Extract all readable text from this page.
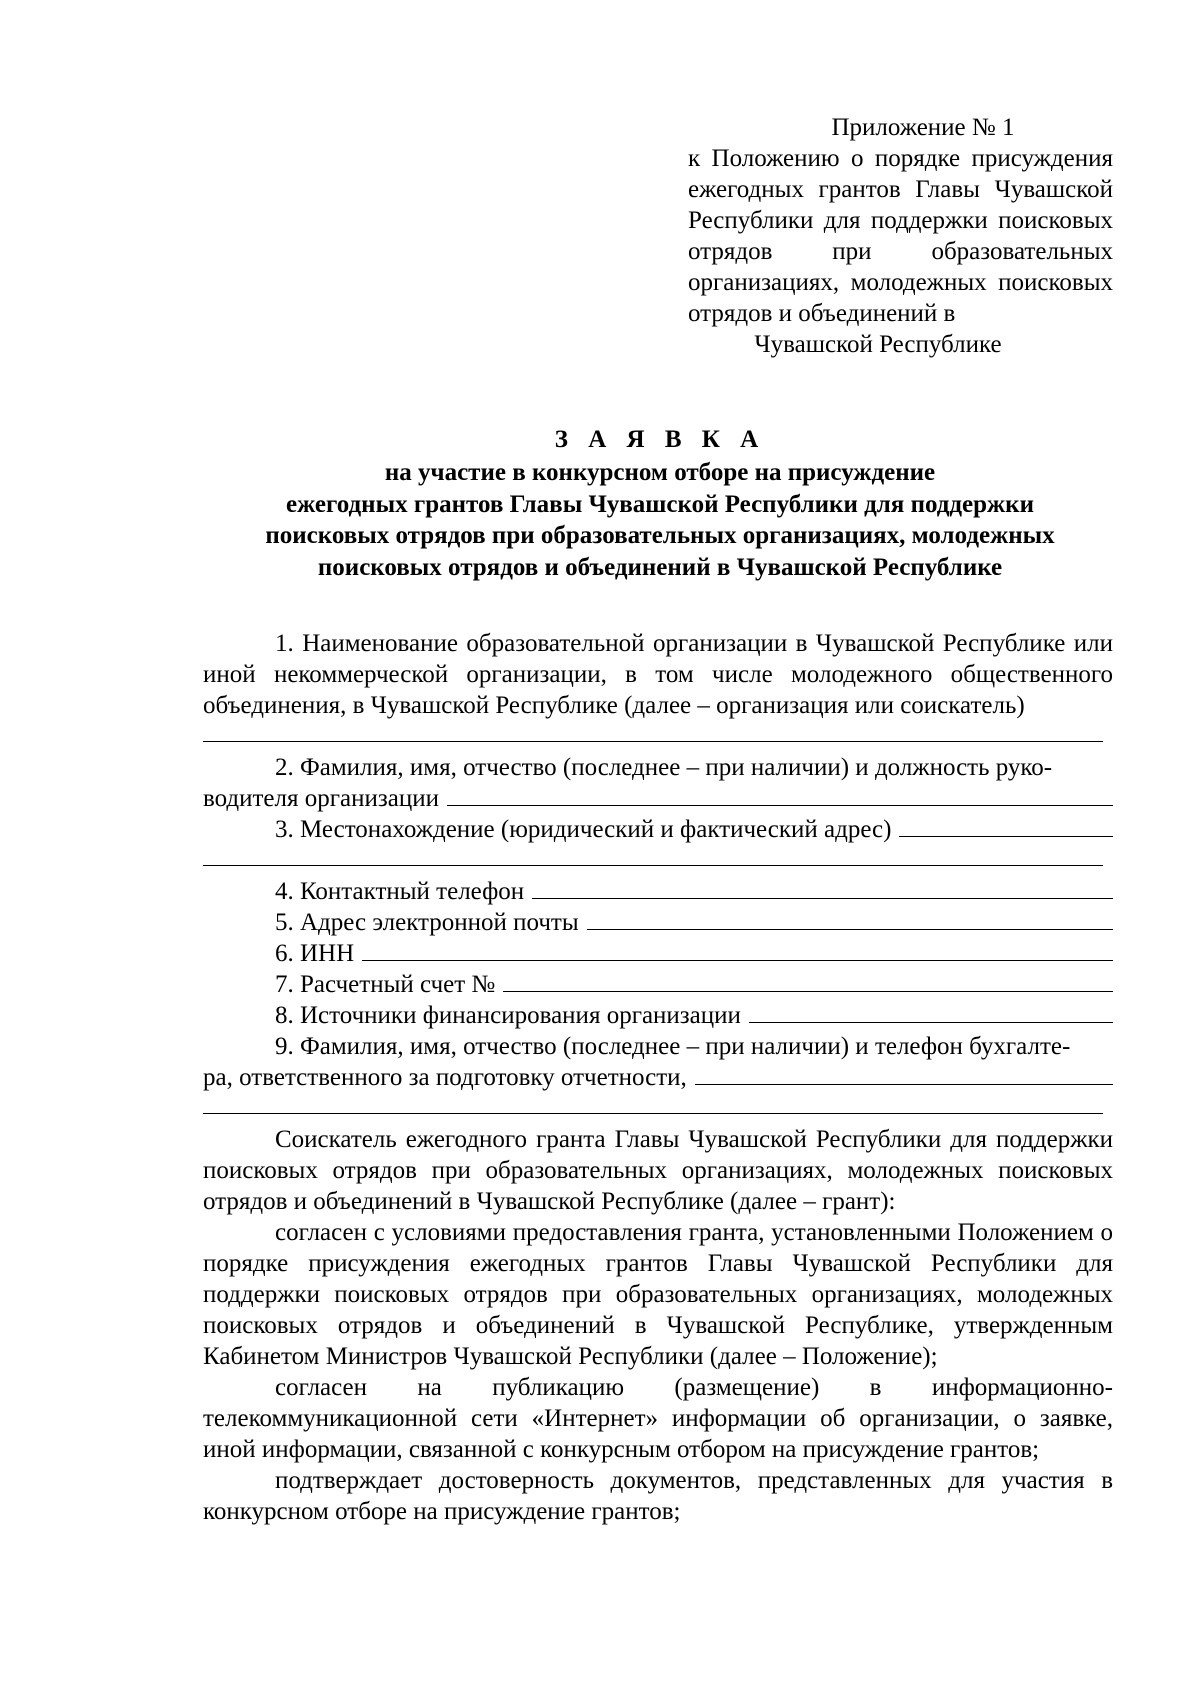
Приложение № 1
к Положению о порядке присуждения ежегодных грантов Главы Чувашской Республики для поддержки поисковых отрядов при образовательных организациях, молодежных поисковых отрядов и объединений в
Чувашской Республике
З А Я В К А
на участие в конкурсном отборе на присуждение
ежегодных грантов Главы Чувашской Республики для поддержки
поисковых отрядов при образовательных организациях, молодежных
поисковых отрядов и объединений в Чувашской Республике

1. Наименование образовательной организации в Чувашской Республике или иной некоммерческой организации, в том числе молодежного общественного объединения, в Чувашской Республике (далее – организация или соискатель)

2. Фамилия, имя, отчество (последнее – при наличии) и должность руко-
водителя организации
3. Местонахождение (юридический и фактический адрес)
4. Контактный телефон
5. Адрес электронной почты
6. ИНН
7. Расчетный счет №
8. Источники финансирования организации
9. Фамилия, имя, отчество (последнее – при наличии) и телефон бухгалте-
ра, ответственного за подготовку отчетности,

Соискатель ежегодного гранта Главы Чувашской Республики для поддержки поисковых отрядов при образовательных организациях, молодежных поисковых отрядов и объединений в Чувашской Республике (далее – грант):

согласен с условиями предоставления гранта, установленными Положением о порядке присуждения ежегодных грантов Главы Чувашской Республики для поддержки поисковых отрядов при образовательных организациях, молодежных поисковых отрядов и объединений в Чувашской Республике, утвержденным Кабинетом Министров Чувашской Республики (далее – Положение);

согласен на публикацию (размещение) в информационно-телекоммуникационной сети «Интернет» информации об организации, о заявке, иной информации, связанной с конкурсным отбором на присуждение грантов;

подтверждает достоверность документов, представленных для участия в конкурсном отборе на присуждение грантов;
